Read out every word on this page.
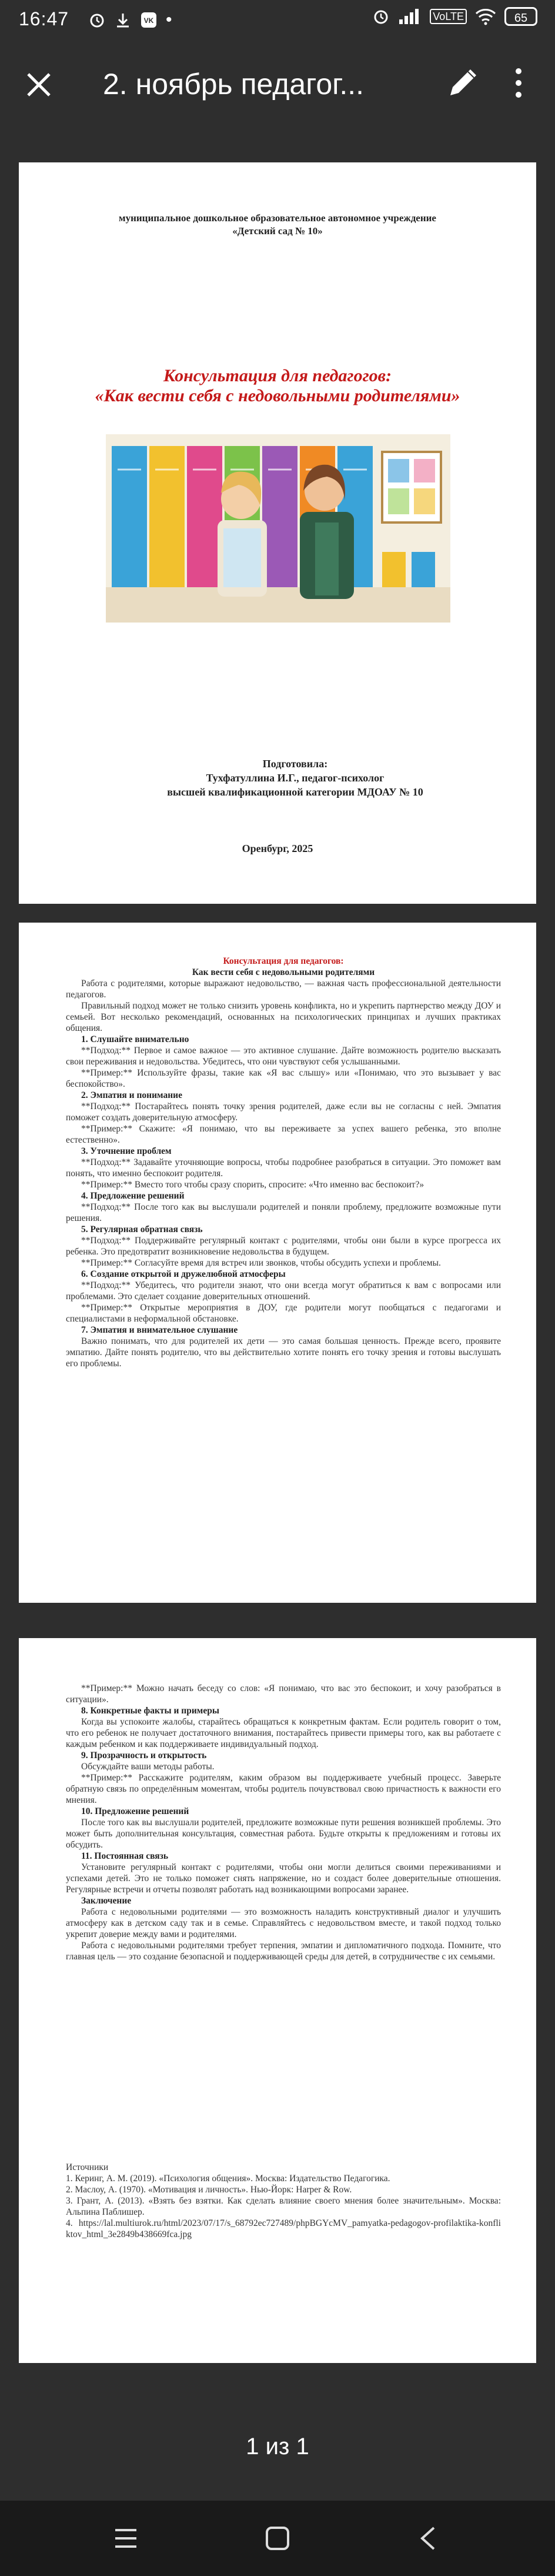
16:47	VK •	VoLTE	65
2. ноябрь педагог...
муниципальное дошкольное образовательное автономное учреждение
«Детский сад № 10»
Консультация для педагогов:
«Как вести себя с недовольными родителями»
Подготовила:
Тухфатуллина И.Г., педагог-психолог
высшей квалификационной категории МДОАУ № 10
Оренбург, 2025

Консультация для педагогов:

Как вести себя с недовольными родителями

Работа с родителями, которые выражают недовольство, — важная часть профессиональной деятельности педагогов.

Правильный подход может не только снизить уровень конфликта, но и укрепить партнерство между ДОУ и семьей. Вот несколько рекомендаций, основанных на психологических принципах и лучших практиках общения.

1. Слушайте внимательно

**Подход:** Первое и самое важное — это активное слушание. Дайте возможность родителю высказать свои переживания и недовольства. Убедитесь, что они чувствуют себя услышанными.

**Пример:** Используйте фразы, такие как «Я вас слышу» или «Понимаю, что это вызывает у вас беспокойство».

2. Эмпатия и понимание

**Подход:** Постарайтесь понять точку зрения родителей, даже если вы не согласны с ней. Эмпатия поможет создать доверительную атмосферу.

**Пример:** Скажите: «Я понимаю, что вы переживаете за успех вашего ребенка, это вполне естественно».

3. Уточнение проблем

**Подход:** Задавайте уточняющие вопросы, чтобы подробнее разобраться в ситуации. Это поможет вам понять, что именно беспокоит родителя.

**Пример:** Вместо того чтобы сразу спорить, спросите: «Что именно вас беспокоит?»

4. Предложение решений

**Подход:** После того как вы выслушали родителей и поняли проблему, предложите возможные пути решения.

5. Регулярная обратная связь

**Подход:** Поддерживайте регулярный контакт с родителями, чтобы они были в курсе прогресса их ребенка. Это предотвратит возникновение недовольства в будущем.

**Пример:** Согласуйте время для встреч или звонков, чтобы обсудить успехи и проблемы.

6. Создание открытой и дружелюбной атмосферы

**Подход:** Убедитесь, что родители знают, что они всегда могут обратиться к вам с вопросами или проблемами. Это сделает создание доверительных отношений.

**Пример:** Открытые мероприятия в ДОУ, где родители могут пообщаться с педагогами и специалистами в неформальной обстановке.

7. Эмпатия и внимательное слушание

Важно понимать, что для родителей их дети — это самая большая ценность. Прежде всего, проявите эмпатию. Дайте понять родителю, что вы действительно хотите понять его точку зрения и готовы выслушать его проблемы.

**Пример:** Можно начать беседу со слов: «Я понимаю, что вас это беспокоит, и хочу разобраться в ситуации».

8. Конкретные факты и примеры

Когда вы успокоите жалобы, старайтесь обращаться к конкретным фактам. Если родитель говорит о том, что его ребенок не получает достаточного внимания, постарайтесь привести примеры того, как вы работаете с каждым ребенком и как поддерживаете индивидуальный подход.

9. Прозрачность и открытость

Обсуждайте ваши методы работы.

**Пример:** Расскажите родителям, каким образом вы поддерживаете учебный процесс. Заверьте обратную связь по определённым моментам, чтобы родитель почувствовал свою причастность к важности его мнения.

10. Предложение решений

После того как вы выслушали родителей, предложите возможные пути решения возникшей проблемы. Это может быть дополнительная консультация, совместная работа. Будьте открыты к предложениям и готовы их обсудить.

11. Постоянная связь

Установите регулярный контакт с родителями, чтобы они могли делиться своими переживаниями и успехами детей. Это не только поможет снять напряжение, но и создаст более доверительные отношения. Регулярные встречи и отчеты позволят работать над возникающими вопросами заранее.

Заключение

Работа с недовольными родителями — это возможность наладить конструктивный диалог и улучшить атмосферу как в детском саду так и в семье. Справляйтесь с недовольством вместе, и такой подход только укрепит доверие между вами и родителями.

Работа с недовольными родителями требует терпения, эмпатии и дипломатичного подхода. Помните, что главная цель — это создание безопасной и поддерживающей среды для детей, в сотрудничестве с их семьями.

Источники

1. Керинг, А. М. (2019). «Психология общения». Москва: Издательство Педагогика.

2. Маслоу, А. (1970). «Мотивация и личность». Нью-Йорк: Harper & Row.

3. Грант, А. (2013). «Взять без взятки. Как сделать влияние своего мнения более значительным». Москва: Альпина Паблишер.

4. https://lal.multiurok.ru/html/2023/07/17/s_68792ec727489/phpBGYcMV_pamyatka-pedagogov-profilaktika-konfliktov_html_3e2849b438669fca.jpg

1 из 1
